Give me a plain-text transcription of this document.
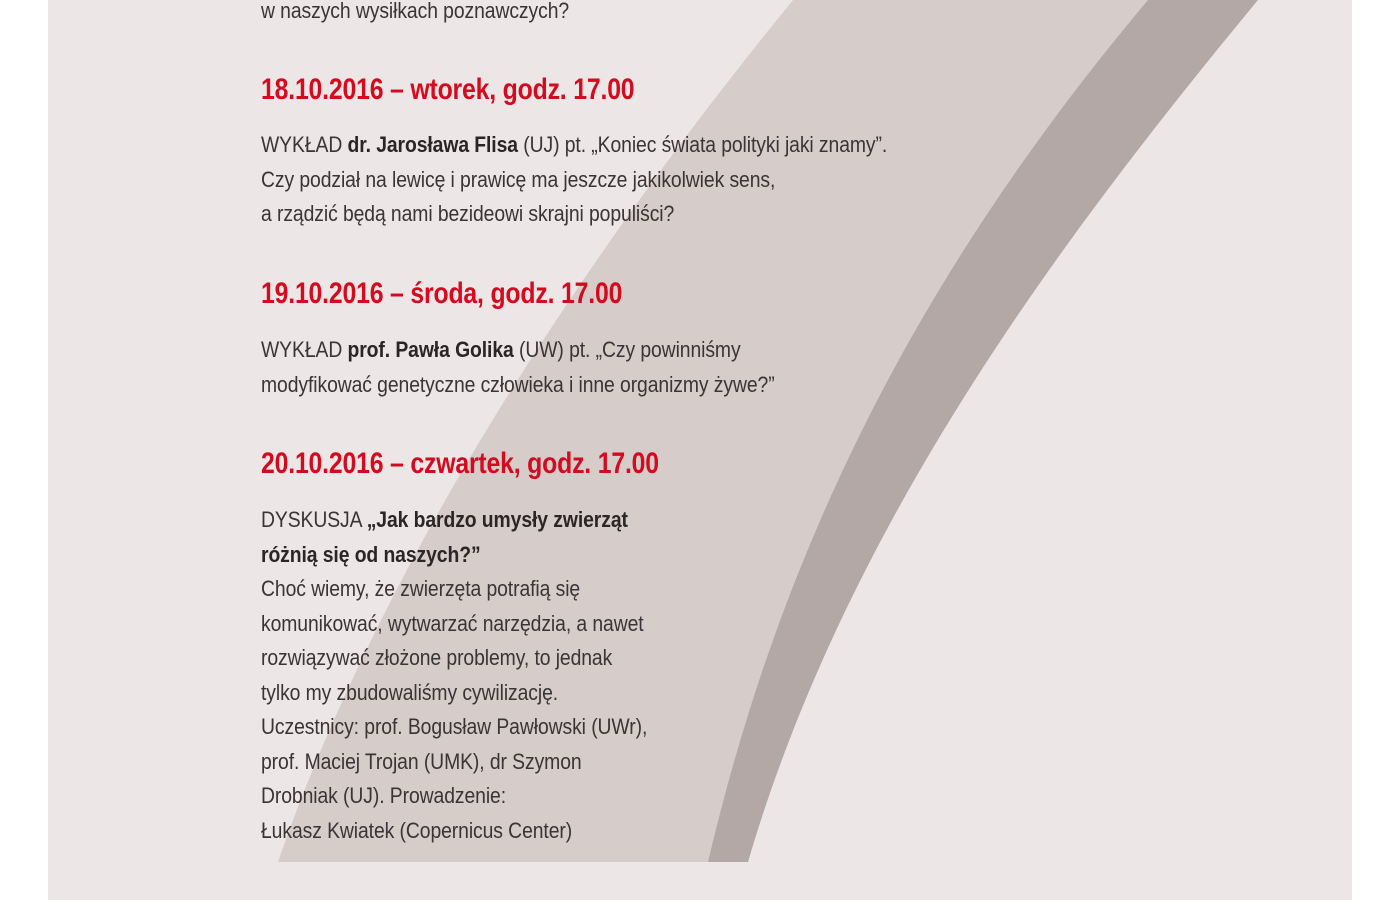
w naszych wysiłkach poznawczych?

18.10.2016 – wtorek, godz. 17.00

WYKŁAD dr. Jarosława Flisa (UJ) pt. „Koniec świata polityki jaki znamy”.
Czy podział na lewicę i prawicę ma jeszcze jakikolwiek sens,
a rządzić będą nami bezideowi skrajni populiści?

19.10.2016 – środa, godz. 17.00

WYKŁAD prof. Pawła Golika (UW) pt. „Czy powinniśmy
modyfikować genetyczne człowieka i inne organizmy żywe?”

20.10.2016 – czwartek, godz. 17.00

DYSKUSJA „Jak bardzo umysły zwierząt
różnią się od naszych?”
Choć wiemy, że zwierzęta potrafią się
komunikować, wytwarzać narzędzia, a nawet
rozwiązywać złożone problemy, to jednak
tylko my zbudowaliśmy cywilizację.
Uczestnicy: prof. Bogusław Pawłowski (UWr),
prof. Maciej Trojan (UMK), dr Szymon
Drobniak (UJ). Prowadzenie:
Łukasz Kwiatek (Copernicus Center)
